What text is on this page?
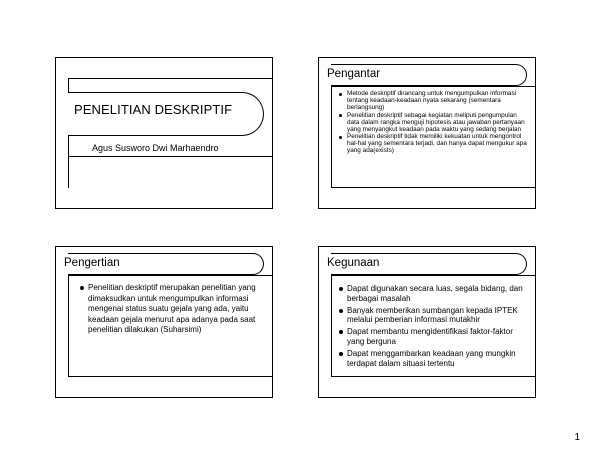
PENELITIAN DESKRIPTIF
Agus Susworo Dwi Marhaendro
Pengantar
Metode deskriptif dirancang untuk mengumpulkan informasi tentang keadaan-keadaan nyata sekarang (sementara berlangsung)
Penelitian deskriptif sebagai kegiatan meliputi pengumpulan data dalam rangka menguji hipotesis atau jawaban pertanyaan yang menyangkut keadaan pada waktu yang sedang berjalan
Penelitian deskriptif tidak memiliki kekuatan untuk mengontrol hal-hal yang sementara terjadi, dan hanya dapat mengukur apa yang ada(exists)
Pengertian
Penelitian deskriptif merupakan penelitian yang dimaksudkan untuk mengumpulkan informasi mengenai status suatu gejala yang ada, yaitu keadaan gejala menurut apa adanya pada saat penelitian dilakukan (Suharsimi)
Kegunaan
Dapat digunakan secara luas, segala bidang, dan berbagai masalah
Banyak memberikan sumbangan kepada IPTEK melalui pemberian informasi mutakhir
Dapat membantu mengidentifikasi faktor-faktor yang berguna
Dapat menggambarkan keadaan yang mungkin terdapat dalam situasi tertentu
1
